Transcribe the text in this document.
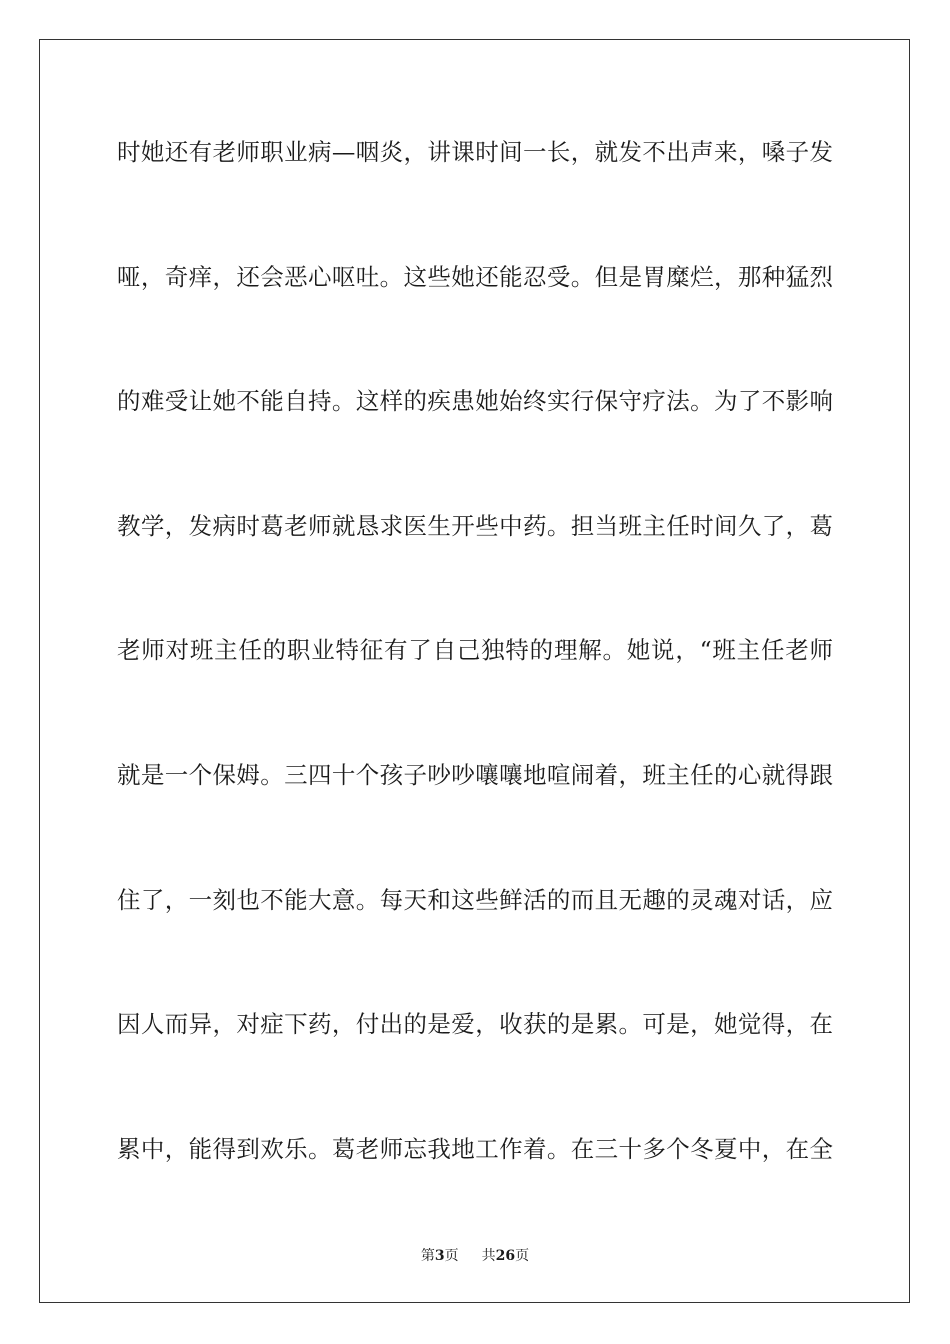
时她还有老师职业病—咽炎，讲课时间一长，就发不出声来，嗓子发
哑，奇痒，还会恶心呕吐。这些她还能忍受。但是胃糜烂，那种猛烈
的难受让她不能自持。这样的疾患她始终实行保守疗法。为了不影响
教学，发病时葛老师就恳求医生开些中药。担当班主任时间久了，葛
老师对班主任的职业特征有了自己独特的理解。她说，“班主任老师
就是一个保姆。三四十个孩子吵吵嚷嚷地喧闹着，班主任的心就得跟
住了，一刻也不能大意。每天和这些鲜活的而且无趣的灵魂对话，应
因人而异，对症下药，付出的是爱，收获的是累。可是，她觉得，在
累中，能得到欢乐。葛老师忘我地工作着。在三十多个冬夏中，在全
第3页 共26页
